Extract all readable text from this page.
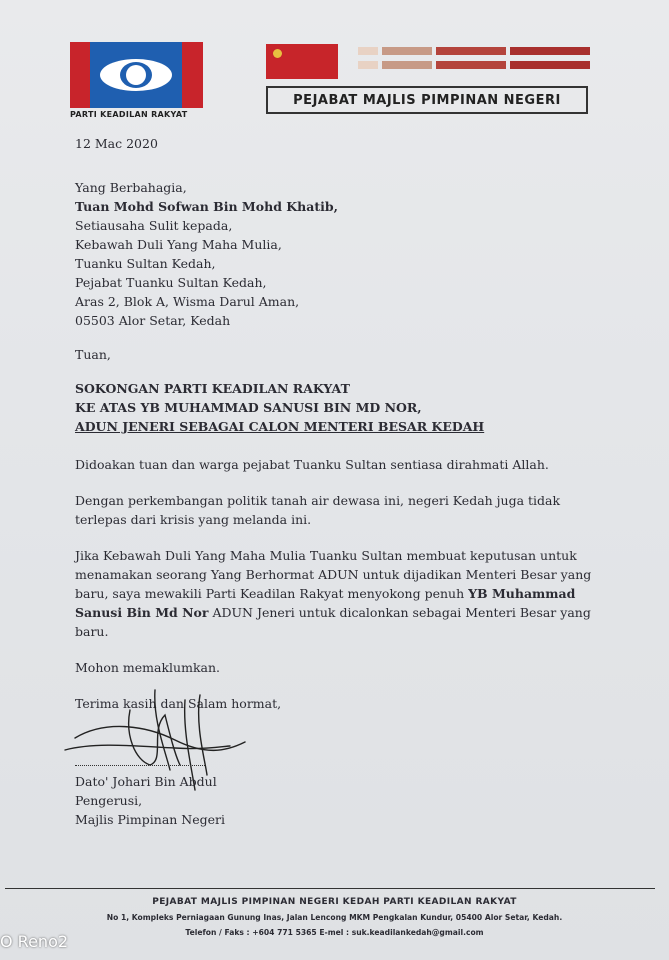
PARTI KEADILAN RAKYAT
PEJABAT MAJLIS PIMPINAN NEGERI
12 Mac 2020
Yang Berbahagia,
Tuan Mohd Sofwan Bin Mohd Khatib,
Setiausaha Sulit kepada,
Kebawah Duli Yang Maha Mulia,
Tuanku Sultan Kedah,
Pejabat Tuanku Sultan Kedah,
Aras 2, Blok A, Wisma Darul Aman,
05503 Alor Setar, Kedah
Tuan,
SOKONGAN PARTI KEADILAN RAKYAT
KE ATAS YB MUHAMMAD SANUSI BIN MD NOR,
ADUN JENERI SEBAGAI CALON MENTERI BESAR KEDAH
Didoakan tuan dan warga pejabat Tuanku Sultan sentiasa dirahmati Allah.
Dengan perkembangan politik tanah air dewasa ini, negeri Kedah juga tidak terlepas dari krisis yang melanda ini.
Jika Kebawah Duli Yang Maha Mulia Tuanku Sultan membuat keputusan untuk menamakan seorang Yang Berhormat ADUN untuk dijadikan Menteri Besar yang baru, saya mewakili Parti Keadilan Rakyat menyokong penuh YB Muhammad Sanusi Bin Md Nor ADUN Jeneri untuk dicalonkan sebagai Menteri Besar yang baru.
Mohon memaklumkan.
Terima kasih dan Salam hormat,
Dato' Johari Bin Abdul
Pengerusi,
Majlis Pimpinan Negeri
PEJABAT MAJLIS PIMPINAN NEGERI KEDAH PARTI KEADILAN RAKYAT
No 1, Kompleks Perniagaan Gunung Inas, Jalan Lencong MKM Pengkalan Kundur, 05400 Alor Setar, Kedah.
Telefon / Faks : +604 771 5365 E-mel : suk.keadilankedah@gmail.com
O Reno2
